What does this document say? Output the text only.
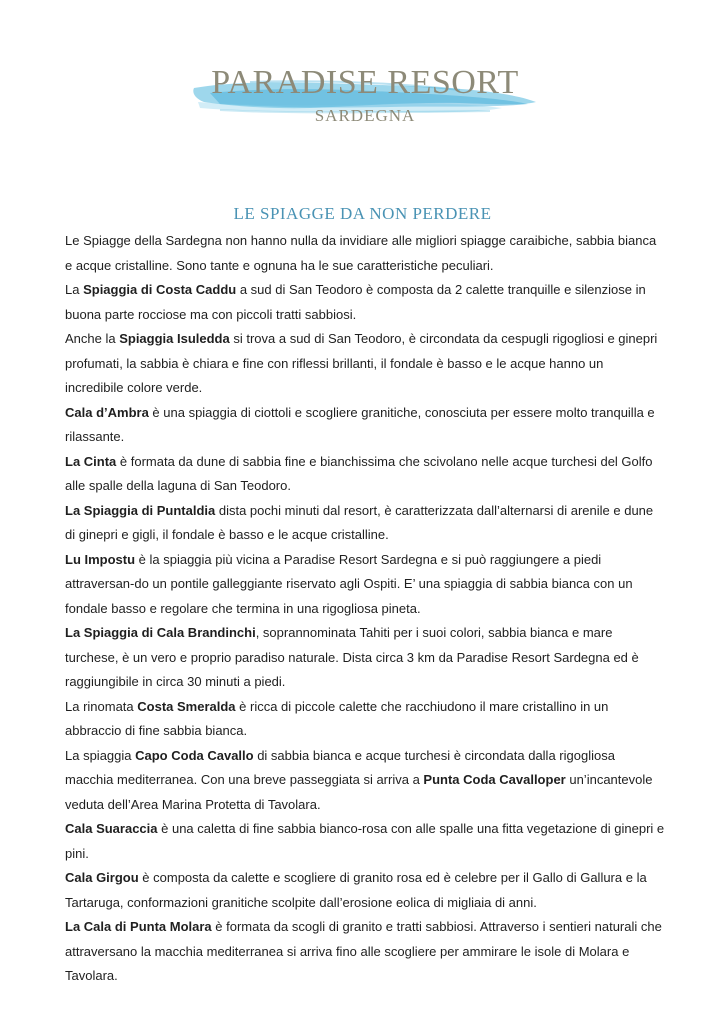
PARADISE RESORT
SARDEGNA
LE SPIAGGE DA NON PERDERE

Le Spiagge della Sardegna non hanno nulla da invidiare alle migliori spiagge caraibiche, sabbia bianca e acque cristalline. Sono tante e ognuna ha le sue caratteristiche peculiari.

La Spiaggia di Costa Caddu a sud di San Teodoro è composta da 2 calette tranquille e silenziose in buona parte rocciose ma con piccoli tratti sabbiosi.

Anche la Spiaggia Isuledda si trova a sud di San Teodoro, è circondata da cespugli rigogliosi e ginepri profumati, la sabbia è chiara e fine con riflessi brillanti, il fondale è basso e le acque hanno un incredibile colore verde.

Cala d’Ambra è una spiaggia di ciottoli e scogliere granitiche, conosciuta per essere molto tranquilla e rilassante.

La Cinta è formata da dune di sabbia fine e bianchissima che scivolano nelle acque turchesi del Golfo alle spalle della laguna di San Teodoro.

La Spiaggia di Puntaldia dista pochi minuti dal resort, è caratterizzata dall’alternarsi di arenile e dune di ginepri e gigli, il fondale è basso e le acque cristalline.

Lu Impostu è la spiaggia più vicina a Paradise Resort Sardegna e si può raggiungere a piedi attraversan-do un pontile galleggiante riservato agli Ospiti. E’ una spiaggia di sabbia bianca con un fondale basso e regolare che termina in una rigogliosa pineta.

La Spiaggia di Cala Brandinchi, soprannominata Tahiti per i suoi colori, sabbia bianca e mare turchese, è un vero e proprio paradiso naturale. Dista circa 3 km da Paradise Resort Sardegna ed è raggiungibile in circa 30 minuti a piedi.

La rinomata Costa Smeralda è ricca di piccole calette che racchiudono il mare cristallino in un abbraccio di fine sabbia bianca.

La spiaggia Capo Coda Cavallo di sabbia bianca e acque turchesi è circondata dalla rigogliosa macchia mediterranea. Con una breve passeggiata si arriva a Punta Coda Cavalloper un’incantevole veduta dell’Area Marina Protetta di Tavolara.

Cala Suaraccia è una caletta di fine sabbia bianco-rosa con alle spalle una fitta vegetazione di ginepri e pini.

Cala Girgou è composta da calette e scogliere di granito rosa ed è celebre per il Gallo di Gallura e la Tartaruga, conformazioni granitiche scolpite dall’erosione eolica di migliaia di anni.

La Cala di Punta Molara è formata da scogli di granito e tratti sabbiosi. Attraverso i sentieri naturali che attraversano la macchia mediterranea si arriva fino alle scogliere per ammirare le isole di Molara e Tavolara.
